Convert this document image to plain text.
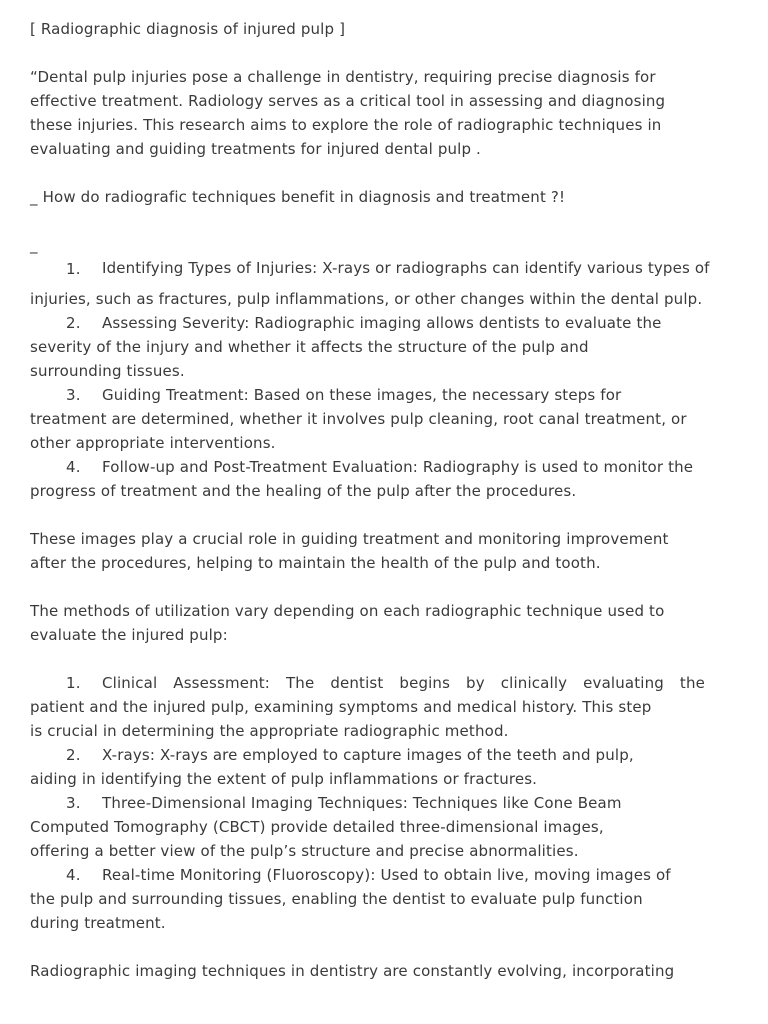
[ Radiographic diagnosis of injured pulp ]
“Dental pulp injuries pose a challenge in dentistry, requiring precise diagnosis for
effective treatment. Radiology serves as a critical tool in assessing and diagnosing
these injuries. This research aims to explore the role of radiographic techniques in
evaluating and guiding treatments for injured dental pulp .
_ How do radiografic techniques benefit in diagnosis and treatment ?!
_
1.	Identifying Types of Injuries: X-rays or radiographs can identify various types of
injuries, such as fractures, pulp inflammations, or other changes within the dental pulp.
2. Assessing Severity: Radiographic imaging allows dentists to evaluate the
severity of the injury and whether it affects the structure of the pulp and
surrounding tissues.
3. Guiding Treatment: Based on these images, the necessary steps for
treatment are determined, whether it involves pulp cleaning, root canal treatment, or
other appropriate interventions.
4. Follow-up and Post-Treatment Evaluation: Radiography is used to monitor the
progress of treatment and the healing of the pulp after the procedures.
These images play a crucial role in guiding treatment and monitoring improvement
after the procedures, helping to maintain the health of the pulp and tooth.
The methods of utilization vary depending on each radiographic technique used to
evaluate the injured pulp:
1.	Clinical Assessment: The dentist begins by clinically evaluating the
patient and the injured pulp, examining symptoms and medical history. This step
is crucial in determining the appropriate radiographic method.
2. X-rays: X-rays are employed to capture images of the teeth and pulp,
aiding in identifying the extent of pulp inflammations or fractures.
3. Three-Dimensional Imaging Techniques: Techniques like Cone Beam
Computed Tomography (CBCT) provide detailed three-dimensional images,
offering a better view of the pulp’s structure and precise abnormalities.
4. Real-time Monitoring (Fluoroscopy): Used to obtain live, moving images of
the pulp and surrounding tissues, enabling the dentist to evaluate pulp function
during treatment.
Radiographic imaging techniques in dentistry are constantly evolving, incorporating
